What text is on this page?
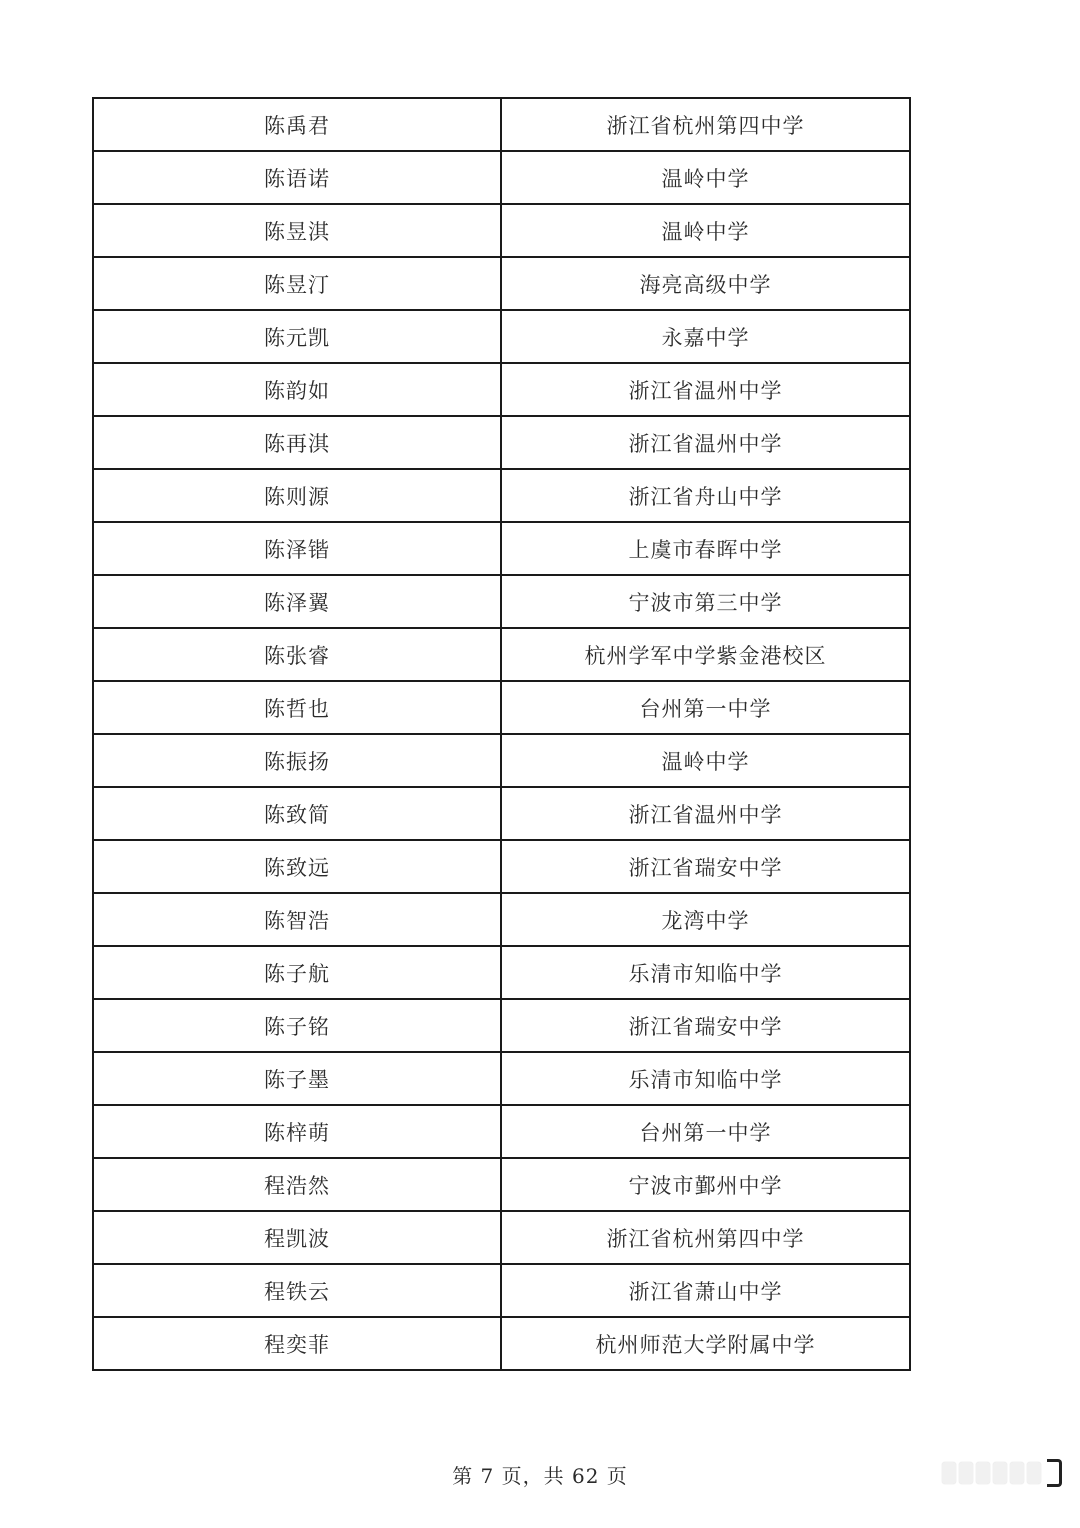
陈禹君	浙江省杭州第四中学
陈语诺	温岭中学
陈昱淇	温岭中学
陈昱汀	海亮高级中学
陈元凯	永嘉中学
陈韵如	浙江省温州中学
陈再淇	浙江省温州中学
陈则源	浙江省舟山中学
陈泽锴	上虞市春晖中学
陈泽翼	宁波市第三中学
陈张睿	杭州学军中学紫金港校区
陈哲也	台州第一中学
陈振扬	温岭中学
陈致简	浙江省温州中学
陈致远	浙江省瑞安中学
陈智浩	龙湾中学
陈子航	乐清市知临中学
陈子铭	浙江省瑞安中学
陈子墨	乐清市知临中学
陈梓萌	台州第一中学
程浩然	宁波市鄞州中学
程凯波	浙江省杭州第四中学
程铁云	浙江省萧山中学
程奕菲	杭州师范大学附属中学
第 7 页，共 62 页
